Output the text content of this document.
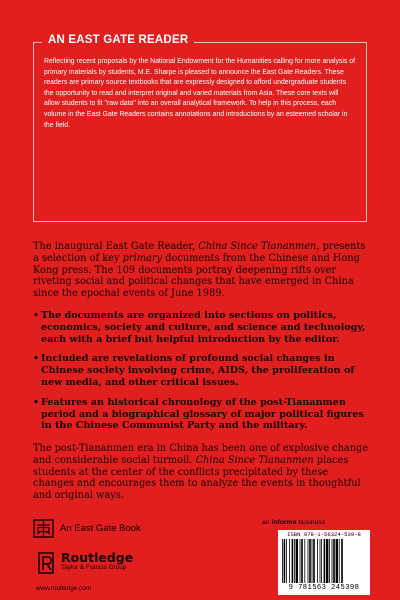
AN EAST GATE READER
Reflecting recent proposals by the National Endowment for the Humanities calling for more analysis of primary materials by students, M.E. Sharpe is pleased to announce the East Gate Readers. These readers are primary source textbooks that are expressly designed to afford undergraduate students the opportunity to read and interpret original and varied materials from Asia. These core texts will allow students to fit "raw data" into an overall analytical framework. To help in this process, each volume in the East Gate Readers contains annotations and introductions by an esteemed scholar in the field.
The inaugural East Gate Reader, China Since Tiananmen, presents a selection of key primary documents from the Chinese and Hong Kong press. The 109 documents portray deepening rifts over riveting social and political changes that have emerged in China since the epochal events of June 1989.
• The documents are organized into sections on politics, economics, society and culture, and science and technology, each with a brief but helpful introduction by the editor.
• Included are revelations of profound social changes in Chinese society involving crime, AIDS, the proliferation of new media, and other critical issues.
• Features an historical chronology of the post-Tiananmen period and a biographical glossary of major political figures in the Chinese Communist Party and the military.
The post-Tiananmen era in China has been one of explosive change and considerable social turmoil. China Since Tiananmen places students at the center of the conflicts precipitated by these changes and encourages them to analyze the events in thoughtful and original ways.
An East Gate Book
Routledge
Taylor & Francis Group
www.routledge.com
an informa business
ISBN 978-1-56324-539-8
9 781563 245398
